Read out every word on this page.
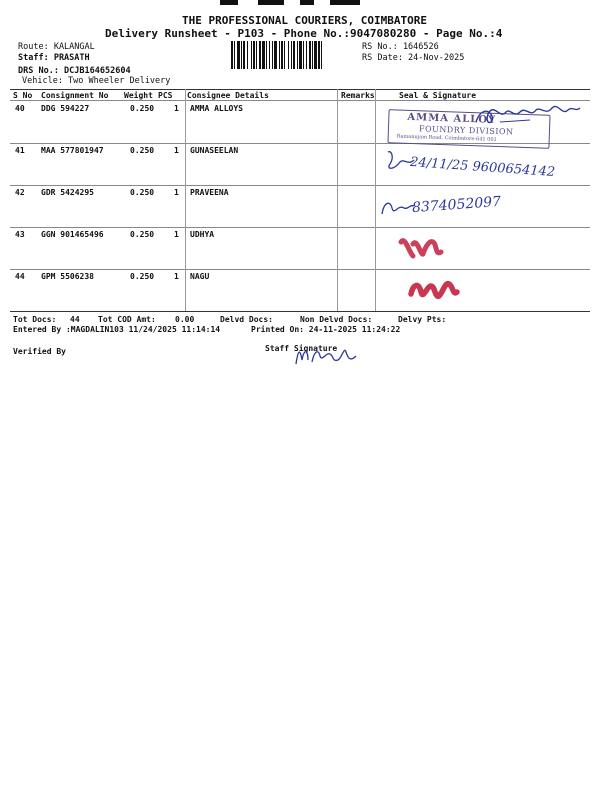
THE PROFESSIONAL COURIERS, COIMBATORE
Delivery Runsheet - P103 - Phone No.:9047080280 - Page No.:4
Route: KALANGAL
Staff: PRASATH
DRS No.: DCJB164652604
Vehicle: Two Wheeler Delivery
RS No.: 1646526
RS Date: 24-Nov-2025
S No Consignment No Weight PCS Consignee Details	Remarks	Seal & Signature
40 DDG 594227	0.250 1 AMMA ALLOYS
41 MAA 577801947	0.250 1 GUNASEELAN
42 GDR 5424295	0.250 1 PRAVEENA
43 GGN 901465496	0.250 1 UDHYA
44 GPM 5506238	0.250 1 NAGU
AMMA ALLOY
FOUNDRY DIVISION
Ramanujam Road, Coimbatore-641 001
24/11/25 9600654142
8374052097
Tot Docs: 44 Tot COD Amt: 0.00	Delvd Docs:	Non Delvd Docs:	Delvy Pts:
Entered By :MAGDALIN103 11/24/2025 11:14:14	Printed On: 24-11-2025 11:24:22
Verified By	Staff Signature
